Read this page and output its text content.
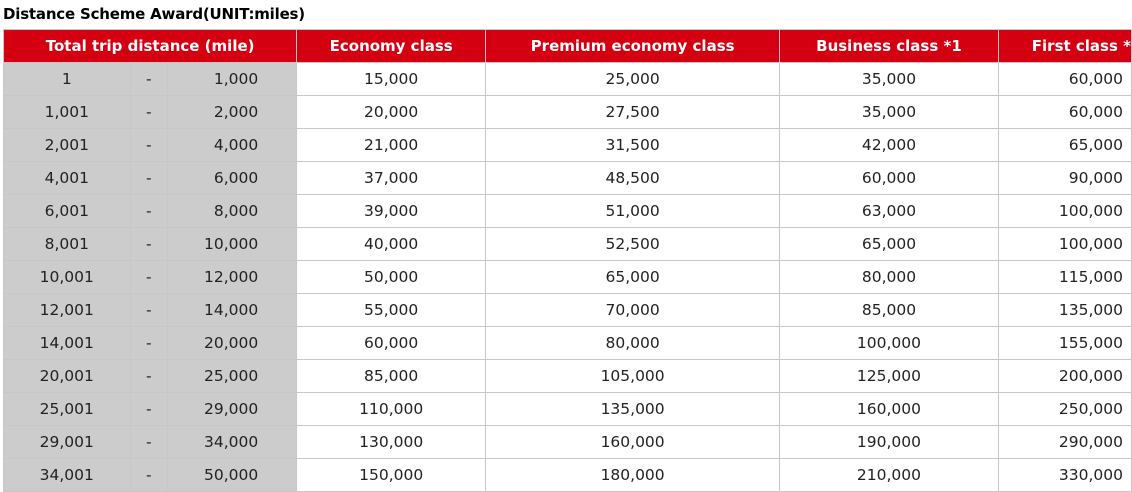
Distance Scheme Award(UNIT:miles)
Total trip distance (mile)			Economy class	Premium economy class	Business class *1	First class *
1	-	1,000	15,000	25,000	35,000	60,000
1,001	-	2,000	20,000	27,500	35,000	60,000
2,001	-	4,000	21,000	31,500	42,000	65,000
4,001	-	6,000	37,000	48,500	60,000	90,000
6,001	-	8,000	39,000	51,000	63,000	100,000
8,001	-	10,000	40,000	52,500	65,000	100,000
10,001	-	12,000	50,000	65,000	80,000	115,000
12,001	-	14,000	55,000	70,000	85,000	135,000
14,001	-	20,000	60,000	80,000	100,000	155,000
20,001	-	25,000	85,000	105,000	125,000	200,000
25,001	-	29,000	110,000	135,000	160,000	250,000
29,001	-	34,000	130,000	160,000	190,000	290,000
34,001	-	50,000	150,000	180,000	210,000	330,000
